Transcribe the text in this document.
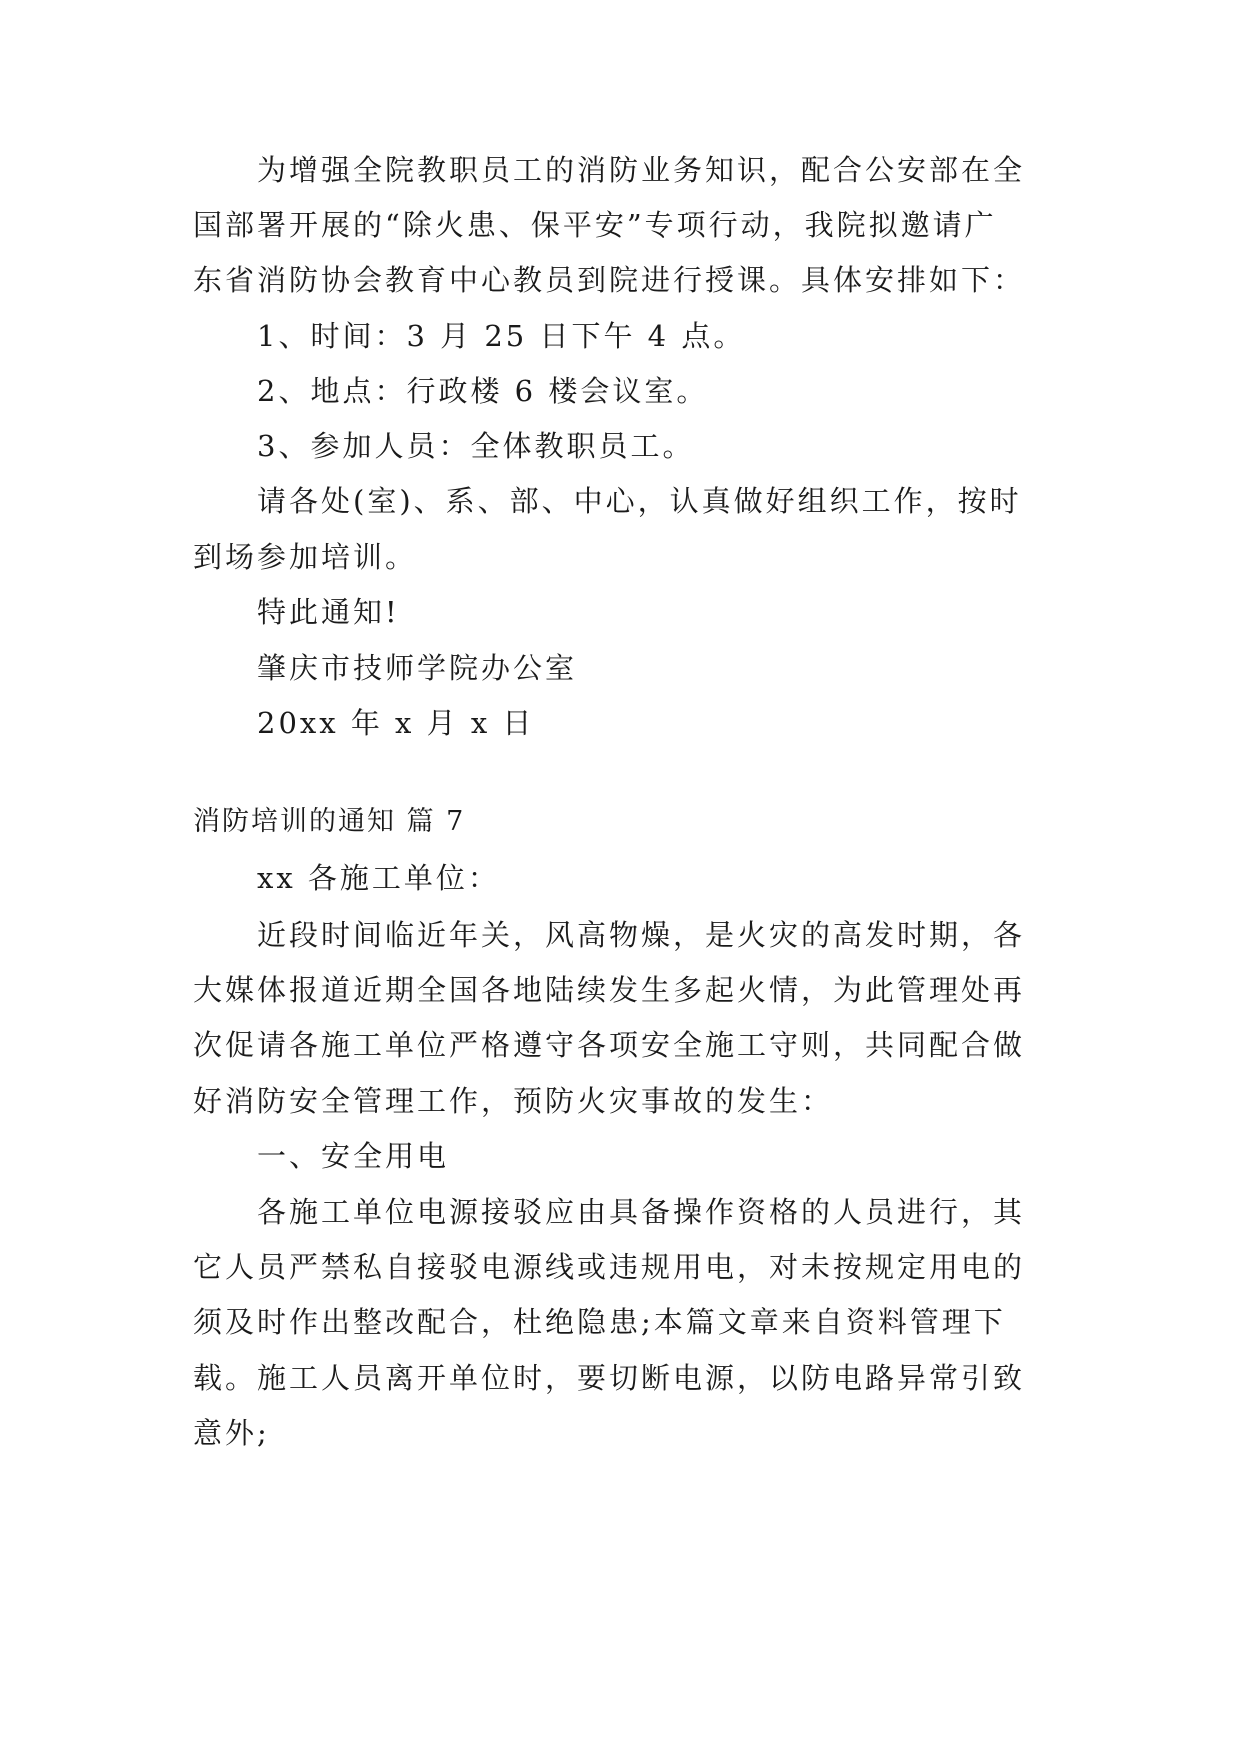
为增强全院教职员工的消防业务知识，配合公安部在全
国部署开展的“除火患、保平安”专项行动，我院拟邀请广
东省消防协会教育中心教员到院进行授课。具体安排如下：
1、时间：3 月 25 日下午 4 点。
2、地点：行政楼 6 楼会议室。
3、参加人员：全体教职员工。
请各处(室)、系、部、中心，认真做好组织工作，按时
到场参加培训。
特此通知!
肇庆市技师学院办公室
20xx 年 x 月 x 日
消防培训的通知 篇 7
xx 各施工单位：
近段时间临近年关，风高物燥，是火灾的高发时期，各
大媒体报道近期全国各地陆续发生多起火情，为此管理处再
次促请各施工单位严格遵守各项安全施工守则，共同配合做
好消防安全管理工作，预防火灾事故的发生：
一、安全用电
各施工单位电源接驳应由具备操作资格的人员进行，其
它人员严禁私自接驳电源线或违规用电，对未按规定用电的
须及时作出整改配合，杜绝隐患;本篇文章来自资料管理下
载。施工人员离开单位时，要切断电源，以防电路异常引致
意外;
